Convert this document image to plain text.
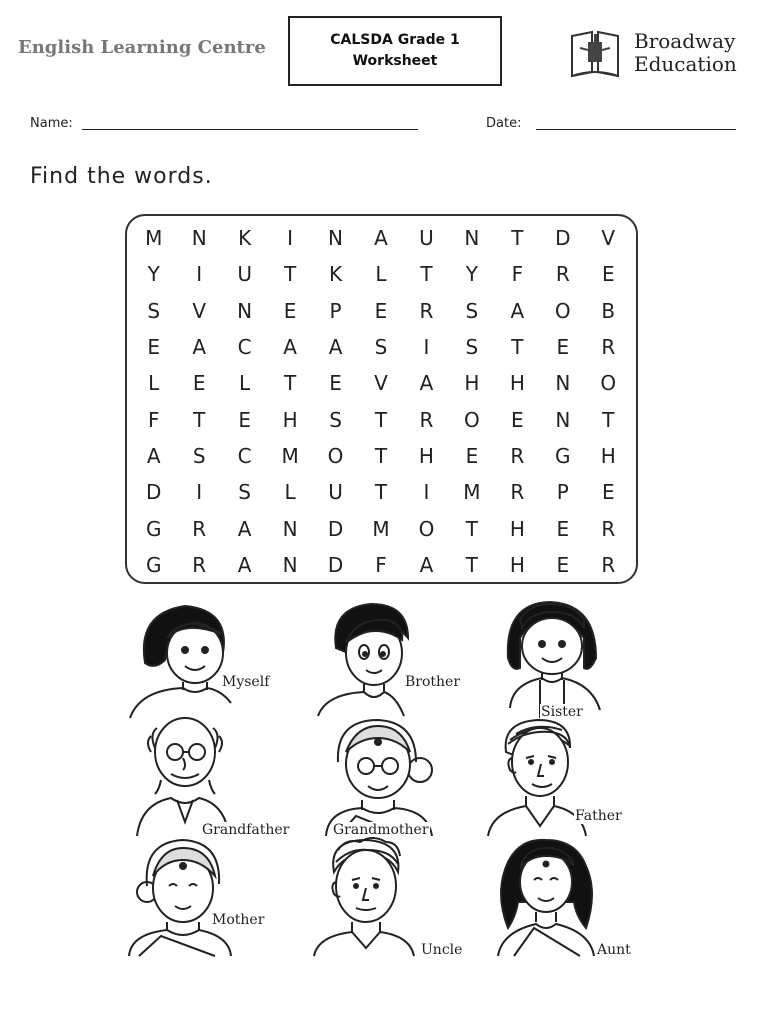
English Learning Centre	CALSDA Grade 1
Worksheet
Broadway
Education
Name:	Date:
Find the words.
M	N	K	I	N	A	U	N	T	D	V
Y	I	U	T	K	L	T	Y	F	R	E
S	V	N	E	P	E	R	S	A	O	B
E	A	C	A	A	S	I	S	T	E	R
L	E	L	T	E	V	A	H	H	N	O
F	T	E	H	S	T	R	O	E	N	T
A	S	C	M	O	T	H	E	R	G	H
D	I	S	L	U	T	I	M	R	P	E
G	R	A	N	D	M	O	T	H	E	R
G	R	A	N	D	F	A	T	H	E	R
Myself	Brother
Sister
Grandfather	Grandmother
Father
Mother
Uncle	Aunt
